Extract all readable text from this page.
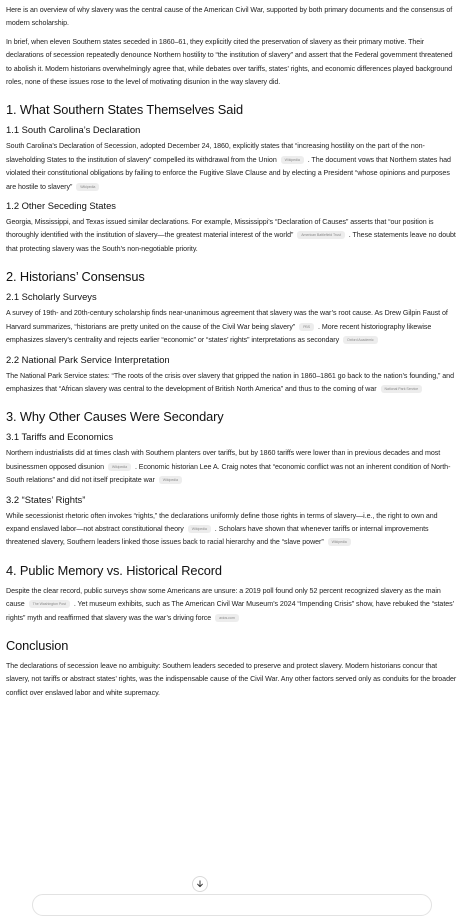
Here is an overview of why slavery was the central cause of the American Civil War, supported by both primary documents and the consensus of modern scholarship.

In brief, when eleven Southern states seceded in 1860–61, they explicitly cited the preservation of slavery as their primary motive. Their declarations of secession repeatedly denounce Northern hostility to “the institution of slavery” and assert that the Federal government threatened to abolish it. Modern historians overwhelmingly agree that, while debates over tariffs, states’ rights, and economic differences played background roles, none of these issues rose to the level of motivating disunion in the way slavery did.

1. What Southern States Themselves Said
1.1 South Carolina’s Declaration

South Carolina’s Declaration of Secession, adopted December 24, 1860, explicitly states that “increasing hostility on the part of the non-slaveholding States to the institution of slavery” compelled its withdrawal from the Union Wikipedia . The document vows that Northern states had violated their constitutional obligations by failing to enforce the Fugitive Slave Clause and by electing a President “whose opinions and purposes are hostile to slavery” Wikipedia

1.2 Other Seceding States

Georgia, Mississippi, and Texas issued similar declarations. For example, Mississippi’s “Declaration of Causes” asserts that “our position is thoroughly identified with the institution of slavery—the greatest material interest of the world” American Battlefield Trust . These statements leave no doubt that protecting slavery was the South’s non-negotiable priority.

2. Historians’ Consensus
2.1 Scholarly Surveys

A survey of 19th- and 20th-century scholarship finds near-unanimous agreement that slavery was the war’s root cause. As Drew Gilpin Faust of Harvard summarizes, “historians are pretty united on the cause of the Civil War being slavery” PBS . More recent historiography likewise emphasizes slavery’s centrality and rejects earlier “economic” or “states’ rights” interpretations as secondary Oxford Academic

2.2 National Park Service Interpretation

The National Park Service states: “The roots of the crisis over slavery that gripped the nation in 1860–1861 go back to the nation’s founding,” and emphasizes that “African slavery was central to the development of British North America” and thus to the coming of war National Park Service

3. Why Other Causes Were Secondary
3.1 Tariffs and Economics

Northern industrialists did at times clash with Southern planters over tariffs, but by 1860 tariffs were lower than in previous decades and most businessmen opposed disunion Wikipedia . Economic historian Lee A. Craig notes that “economic conflict was not an inherent condition of North-South relations” and did not itself precipitate war Wikipedia

3.2 “States’ Rights”

While secessionist rhetoric often invokes “rights,” the declarations uniformly define those rights in terms of slavery—i.e., the right to own and expand enslaved labor—not abstract constitutional theory Wikipedia . Scholars have shown that whenever tariffs or internal improvements threatened slavery, Southern leaders linked those issues back to racial hierarchy and the “slave power” Wikipedia

4. Public Memory vs. Historical Record

Despite the clear record, public surveys show some Americans are unsure: a 2019 poll found only 52 percent recognized slavery as the main cause The Washington Post . Yet museum exhibits, such as The American Civil War Museum’s 2024 “Impending Crisis” show, have rebuked the “states’ rights” myth and reaffirmed that slavery was the war’s driving force axios.com

Conclusion

The declarations of secession leave no ambiguity: Southern leaders seceded to preserve and protect slavery. Modern historians concur that slavery, not tariffs or abstract states’ rights, was the indispensable cause of the Civil War. Any other factors served only as conduits for the broader conflict over enslaved labor and white supremacy.
